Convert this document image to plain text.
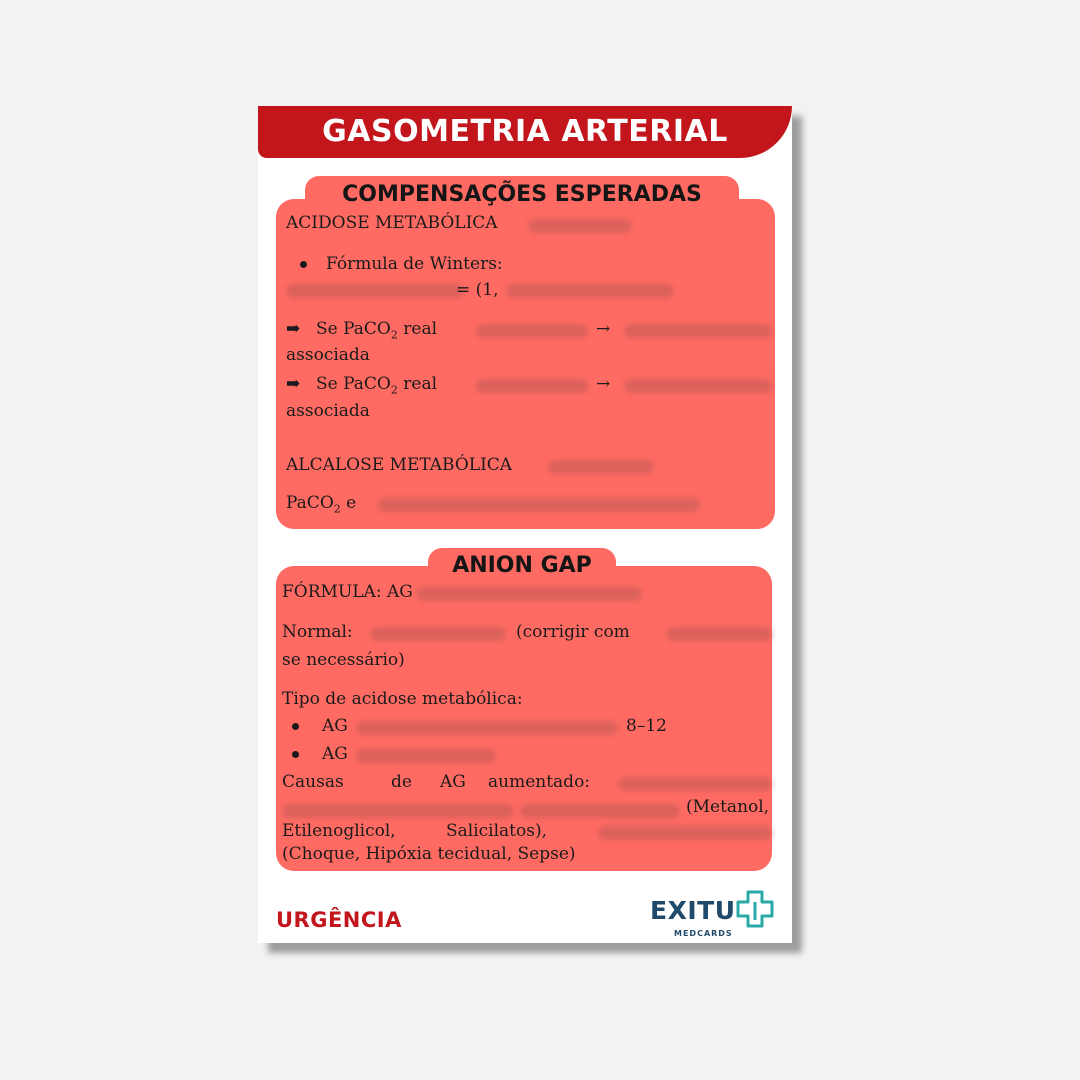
GASOMETRIA ARTERIAL
COMPENSAÇÕES ESPERADAS
ACIDOSE METABÓLICA
Fórmula de Winters:
= (1,
➡ Se PaCO$_2$ real	→
associada
➡ Se PaCO$_2$ real	→
associada
ALCALOSE METABÓLICA
PaCO$_2$ e
ANION GAP
FÓRMULA: AG
Normal:	(corrigir com
se necessário)
Tipo de acidose metabólica:
AG	8–12
AG
Causas	de AG aumentado:
(Metanol,
Etilenoglicol,	Salicilatos),
(Choque, Hipóxia tecidual, Sepse)
URGÊNCIA	EXITU
MEDCARDS
